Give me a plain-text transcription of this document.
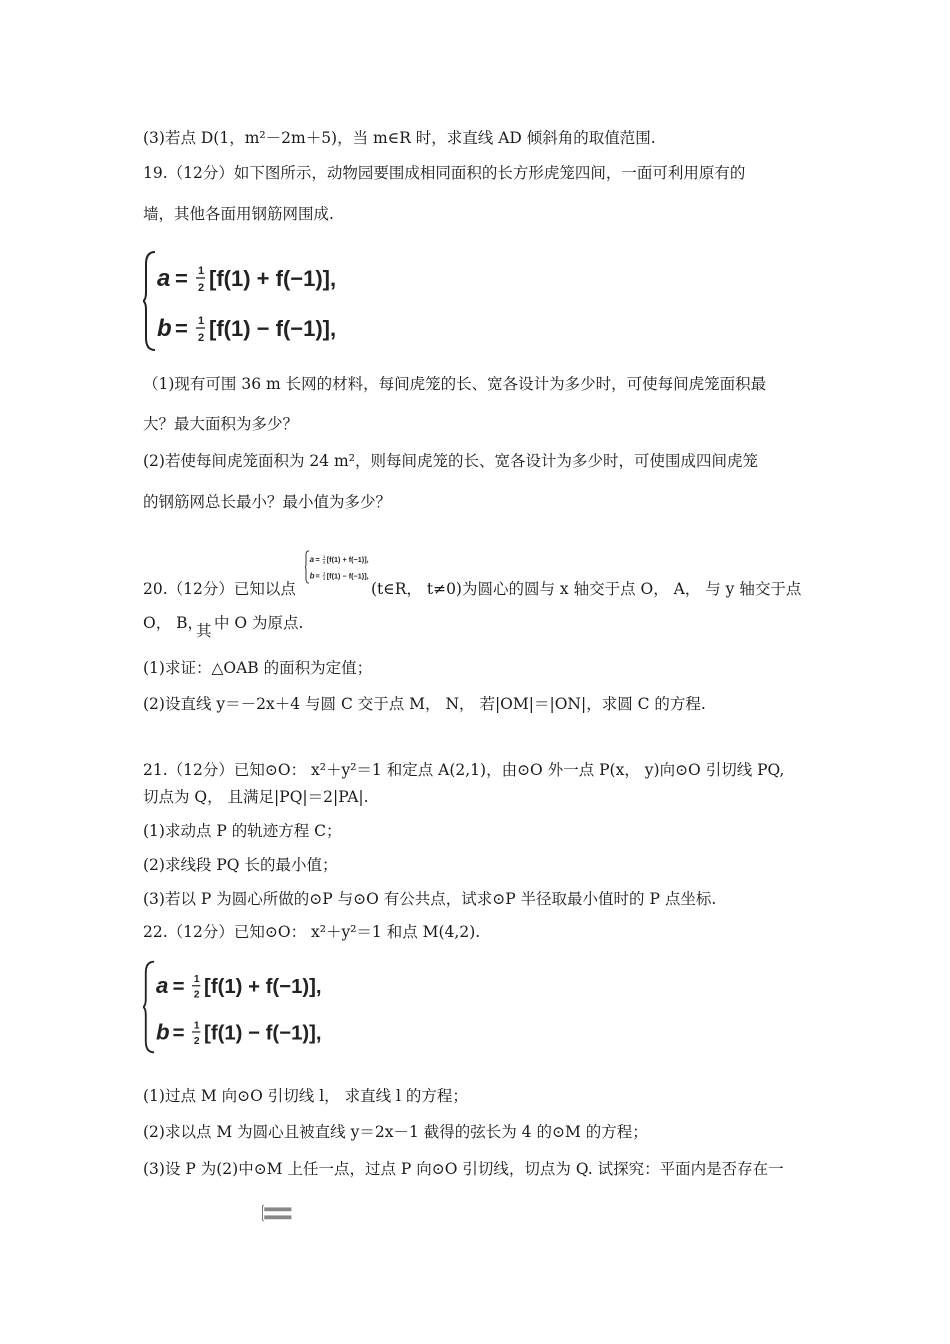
(3)若点 D(1，m²－2m＋5)，当 m∈R 时，求直线 AD 倾斜角的取值范围.
19.（12分）如下图所示，动物园要围成相同面积的长方形虎笼四间，一面可利用原有的
墙，其他各面用钢筋网围成.
a = 1
2 [f(1) + f(−1)],
b = 1
2 [f(1) − f(−1)],
（1)现有可围 36 m 长网的材料，每间虎笼的长、宽各设计为多少时，可使每间虎笼面积最
大？最大面积为多少？
(2)若使每间虎笼面积为 24 m²，则每间虎笼的长、宽各设计为多少时，可使围成四间虎笼
的钢筋网总长最小？最小值为多少？
20.（12分）已知以点
a = 1
2 [f(1) + f(−1)],
b = 1
2 [f(1) − f(−1)],
(t∈R， t≠0)为圆心的圆与 x 轴交于点 O， A， 与 y 轴交于点
O， B，
其 中 O 为原点.
(1)求证：△OAB 的面积为定值；
(2)设直线 y＝－2x＋4 与圆 C 交于点 M， N， 若|OM|＝|ON|，求圆 C 的方程.
21.（12分）已知⊙O： x²＋y²＝1 和定点 A(2,1)，由⊙O 外一点 P(x， y)向⊙O 引切线 PQ,
切点为 Q， 且满足|PQ|＝2|PA|.
(1)求动点 P 的轨迹方程 C；
(2)求线段 PQ 长的最小值；
(3)若以 P 为圆心所做的⊙P 与⊙O 有公共点，试求⊙P 半径取最小值时的 P 点坐标.
22.（12分）已知⊙O： x²＋y²＝1 和点 M(4,2).
a = 1
2 [f(1) + f(−1)],
b = 1
2 [f(1) − f(−1)],
(1)过点 M 向⊙O 引切线 l， 求直线 l 的方程；
(2)求以点 M 为圆心且被直线 y＝2x－1 截得的弦长为 4 的⊙M 的方程；
(3)设 P 为(2)中⊙M 上任一点，过点 P 向⊙O 引切线，切点为 Q. 试探究：平面内是否存在一
